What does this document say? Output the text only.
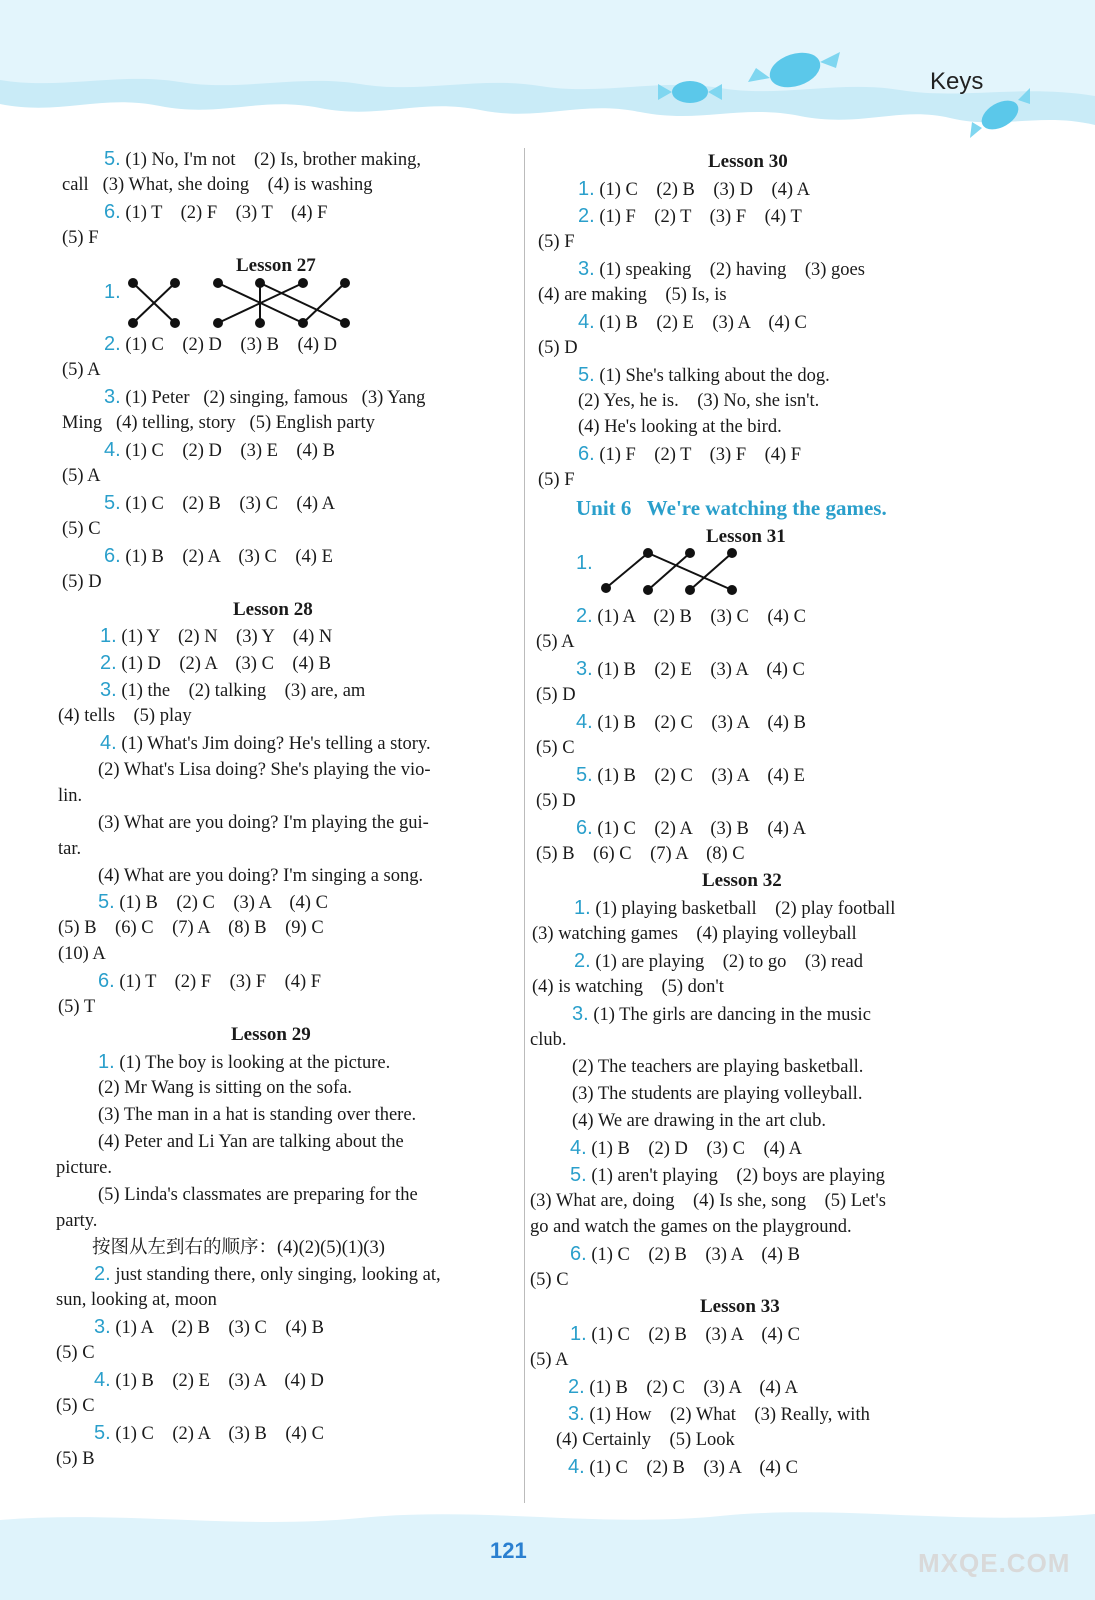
Keys
121	MXQE.COM
5. (1) No, I'm not    (2) Is, brother making,
call   (3) What, she doing    (4) is washing
6. (1) T    (2) F    (3) T    (4) F
(5) F
Lesson 27
1.
2. (1) C    (2) D    (3) B    (4) D
(5) A
3. (1) Peter   (2) singing, famous   (3) Yang
Ming   (4) telling, story   (5) English party
4. (1) C    (2) D    (3) E    (4) B
(5) A
5. (1) C    (2) B    (3) C    (4) A
(5) C
6. (1) B    (2) A    (3) C    (4) E
(5) D
Lesson 28
1. (1) Y    (2) N    (3) Y    (4) N
2. (1) D    (2) A    (3) C    (4) B
3. (1) the    (2) talking    (3) are, am
(4) tells    (5) play
4. (1) What's Jim doing? He's telling a story.
(2) What's Lisa doing? She's playing the vio-
lin.
(3) What are you doing? I'm playing the gui-
tar.
(4) What are you doing? I'm singing a song.
5. (1) B    (2) C    (3) A    (4) C
(5) B    (6) C    (7) A    (8) B    (9) C
(10) A
6. (1) T    (2) F    (3) F    (4) F
(5) T
Lesson 29
1. (1) The boy is looking at the picture.
(2) Mr Wang is sitting on the sofa.
(3) The man in a hat is standing over there.
(4) Peter and Li Yan are talking about the
picture.
(5) Linda's classmates are preparing for the
party.
按图从左到右的顺序：(4)(2)(5)(1)(3)
2. just standing there, only singing, looking at,
sun, looking at, moon
3. (1) A    (2) B    (3) C    (4) B
(5) C
4. (1) B    (2) E    (3) A    (4) D
(5) C
5. (1) C    (2) A    (3) B    (4) C
(5) B
Lesson 30
1. (1) C    (2) B    (3) D    (4) A
2. (1) F    (2) T    (3) F    (4) T
(5) F
3. (1) speaking    (2) having    (3) goes
(4) are making    (5) Is, is
4. (1) B    (2) E    (3) A    (4) C
(5) D
5. (1) She's talking about the dog.
(2) Yes, he is.    (3) No, she isn't.
(4) He's looking at the bird.
6. (1) F    (2) T    (3) F    (4) F
(5) F
Unit 6   We're watching the games.
Lesson 31
1.
2. (1) A    (2) B    (3) C    (4) C
(5) A
3. (1) B    (2) E    (3) A    (4) C
(5) D
4. (1) B    (2) C    (3) A    (4) B
(5) C
5. (1) B    (2) C    (3) A    (4) E
(5) D
6. (1) C    (2) A    (3) B    (4) A
(5) B    (6) C    (7) A    (8) C
Lesson 32
1. (1) playing basketball    (2) play football
(3) watching games    (4) playing volleyball
2. (1) are playing    (2) to go    (3) read
(4) is watching    (5) don't
3. (1) The girls are dancing in the music
club.
(2) The teachers are playing basketball.
(3) The students are playing volleyball.
(4) We are drawing in the art club.
4. (1) B    (2) D    (3) C    (4) A
5. (1) aren't playing    (2) boys are playing
(3) What are, doing    (4) Is she, song    (5) Let's
go and watch the games on the playground.
6. (1) C    (2) B    (3) A    (4) B
(5) C
Lesson 33
1. (1) C    (2) B    (3) A    (4) C
(5) A
2. (1) B    (2) C    (3) A    (4) A
3. (1) How    (2) What    (3) Really, with
(4) Certainly    (5) Look
4. (1) C    (2) B    (3) A    (4) C
